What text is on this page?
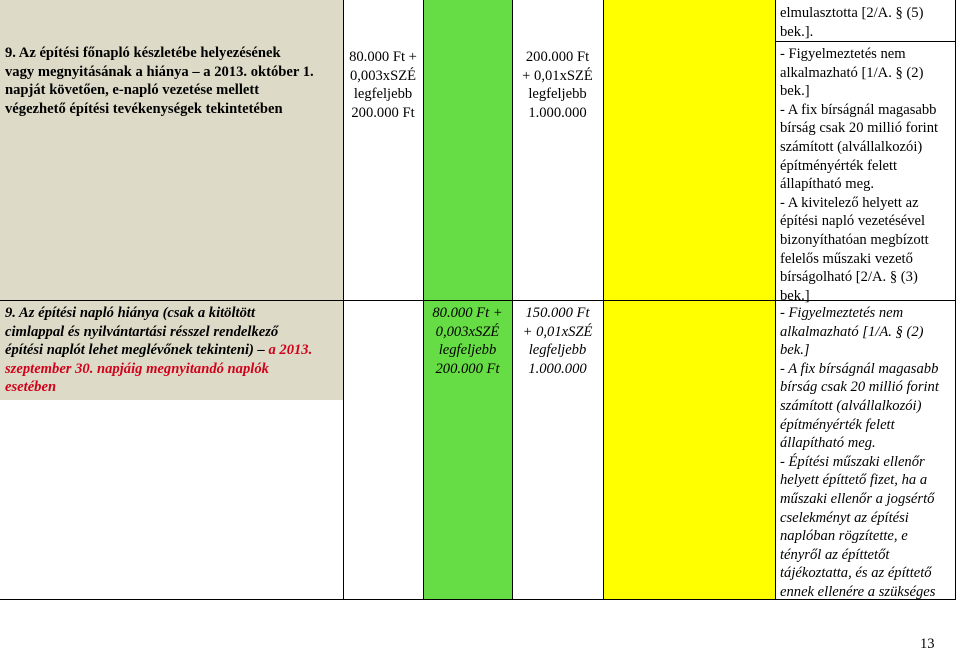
9. Az építési főnapló készletébe helyezésének
vagy megnyitásának a hiánya – a 2013. október 1.
napját követően, e-napló vezetése mellett
végezhető építési tevékenységek tekintetében
80.000 Ft +
0,003xSZÉ
legfeljebb
200.000 Ft
200.000 Ft
+ 0,01xSZÉ
legfeljebb
1.000.000
elmulasztotta [2/A. § (5)
bek.].
- Figyelmeztetés nem
alkalmazható [1/A. § (2)
bek.]
- A fix bírságnál magasabb
bírság csak 20 millió forint
számított (alvállalkozói)
építményérték felett
állapítható meg.
- A kivitelező helyett az
építési napló vezetésével
bizonyíthatóan megbízott
felelős műszaki vezető
bírságolható [2/A. § (3)
bek.]
9. Az építési napló hiánya (csak a kitöltött
cimlappal és nyilvántartási résszel rendelkező
építési naplót lehet meglévőnek tekinteni) – a 2013.
szeptember 30. napjáig megnyitandó naplók
esetében
80.000 Ft +
0,003xSZÉ
legfeljebb
200.000 Ft
150.000 Ft
+ 0,01xSZÉ
legfeljebb
1.000.000
- Figyelmeztetés nem
alkalmazható [1/A. § (2)
bek.]
- A fix bírságnál magasabb
bírság csak 20 millió forint
számított (alvállalkozói)
építményérték felett
állapítható meg.
- Építési műszaki ellenőr
helyett építtető fizet, ha a
műszaki ellenőr a jogsértő
cselekményt az építési
naplóban rögzítette, e
tényről az építtetőt
tájékoztatta, és az építtető
ennek ellenére a szükséges
13
